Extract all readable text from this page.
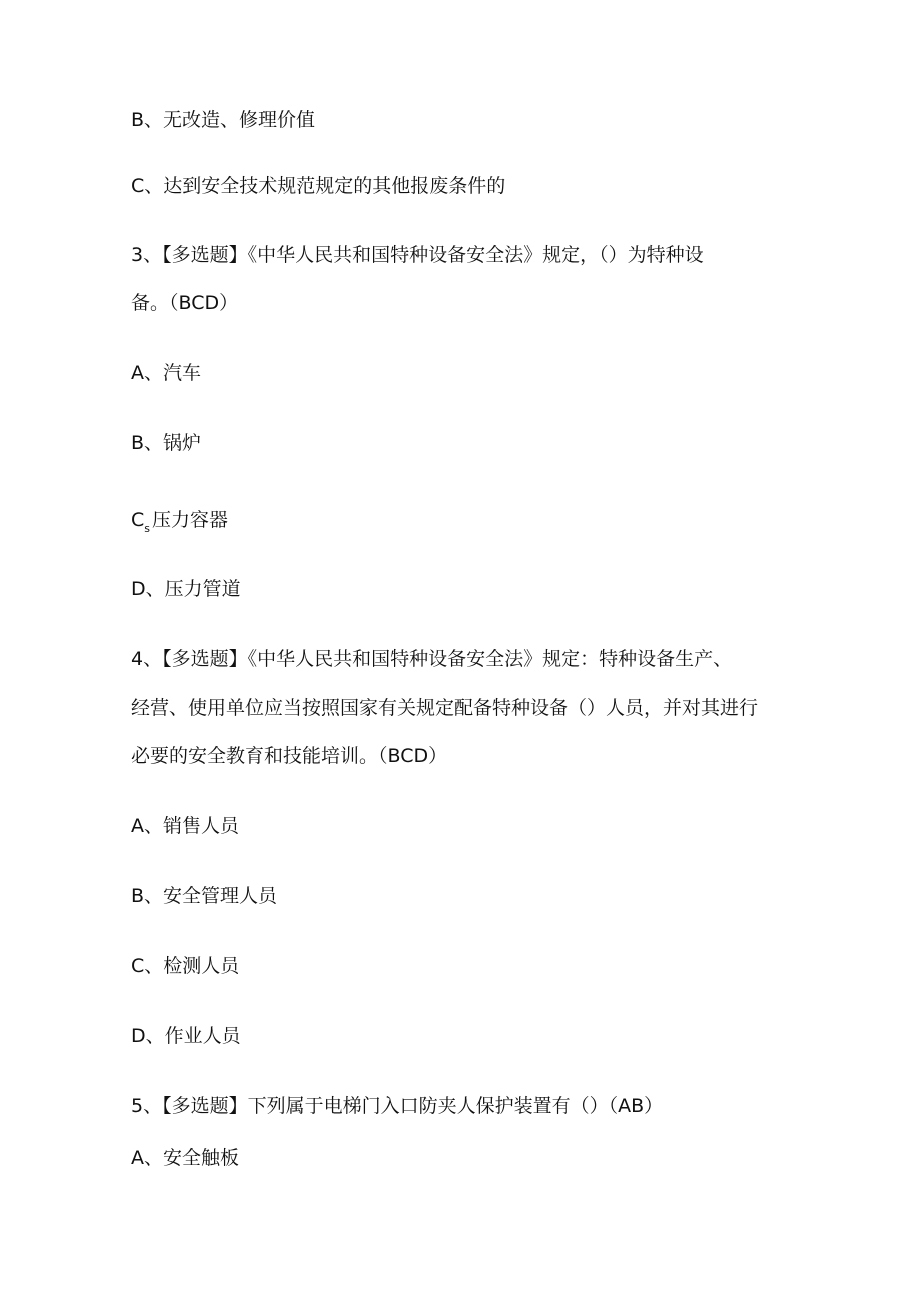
B、无改造、修理价值
C、达到安全技术规范规定的其他报废条件的
3、【多选题】《中华人民共和国特种设备安全法》规定，（）为特种设
备。（BCD）
A、汽车
B、锅炉
$C_s$ 压力容器
D、压力管道
4、【多选题】《中华人民共和国特种设备安全法》规定：特种设备生产、
经营、使用单位应当按照国家有关规定配备特种设备（）人员，并对其进行
必要的安全教育和技能培训。（BCD）
A、销售人员
B、安全管理人员
C、检测人员
D、作业人员
5、【多选题】下列属于电梯门入口防夹人保护装置有（）（AB）
A、安全触板
